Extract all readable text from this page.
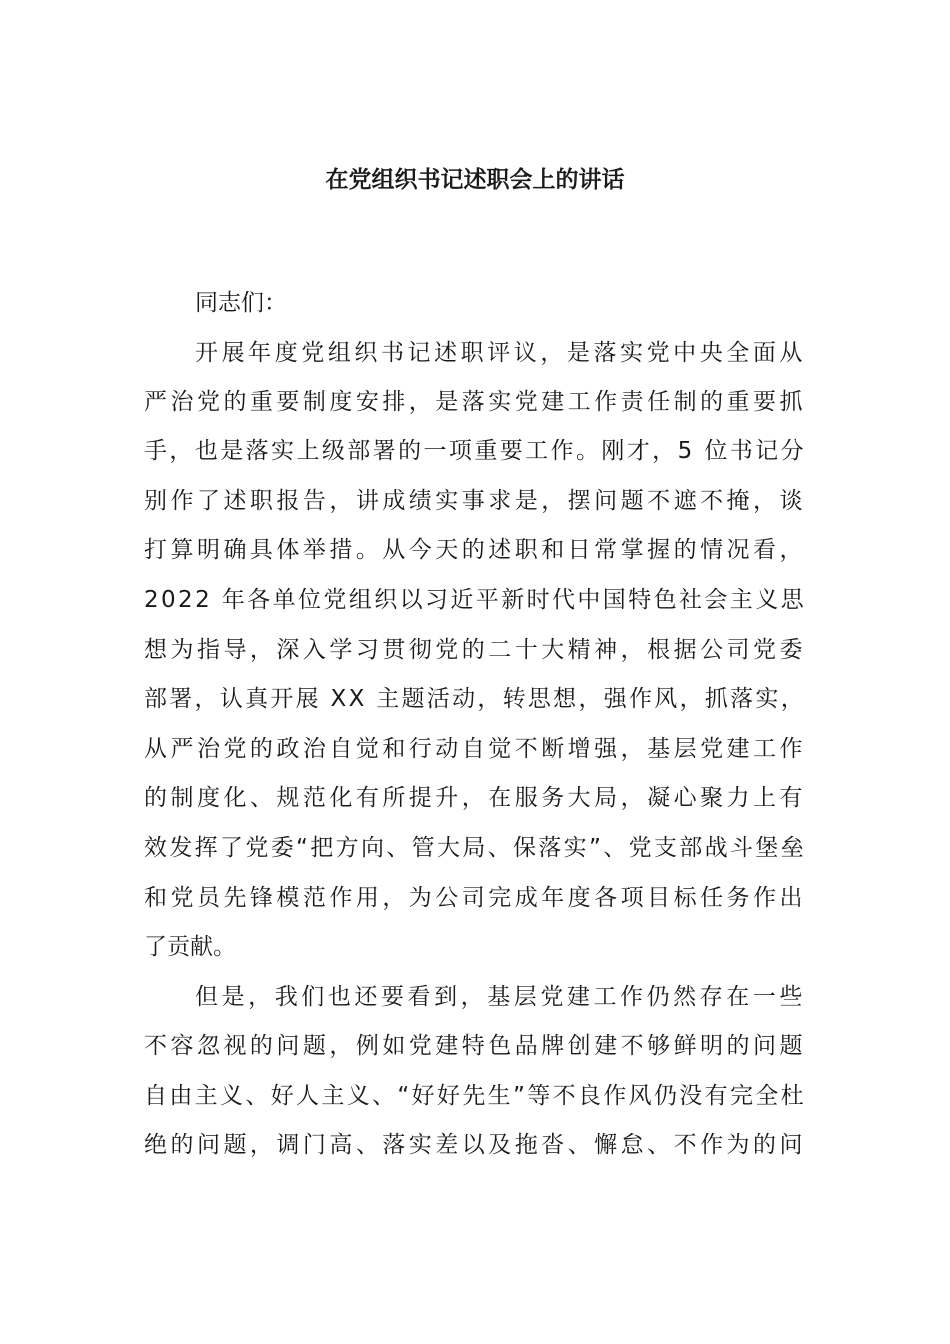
在党组织书记述职会上的讲话
同志们：
开展年度党组织书记述职评议，是落实党中央全面从
严治党的重要制度安排，是落实党建工作责任制的重要抓
手，也是落实上级部署的一项重要工作。刚才，5 位书记分
别作了述职报告，讲成绩实事求是，摆问题不遮不掩，谈
打算明确具体举措。从今天的述职和日常掌握的情况看，
2022 年各单位党组织以习近平新时代中国特色社会主义思
想为指导，深入学习贯彻党的二十大精神，根据公司党委
部署，认真开展 XX 主题活动，转思想，强作风，抓落实，
从严治党的政治自觉和行动自觉不断增强，基层党建工作
的制度化、规范化有所提升，在服务大局，凝心聚力上有
效发挥了党委“把方向、管大局、保落实”、党支部战斗堡垒
和党员先锋模范作用，为公司完成年度各项目标任务作出
了贡献。
但是，我们也还要看到，基层党建工作仍然存在一些
不容忽视的问题，例如党建特色品牌创建不够鲜明的问题
自由主义、好人主义、“好好先生”等不良作风仍没有完全杜
绝的问题，调门高、落实差以及拖沓、懈怠、不作为的问
